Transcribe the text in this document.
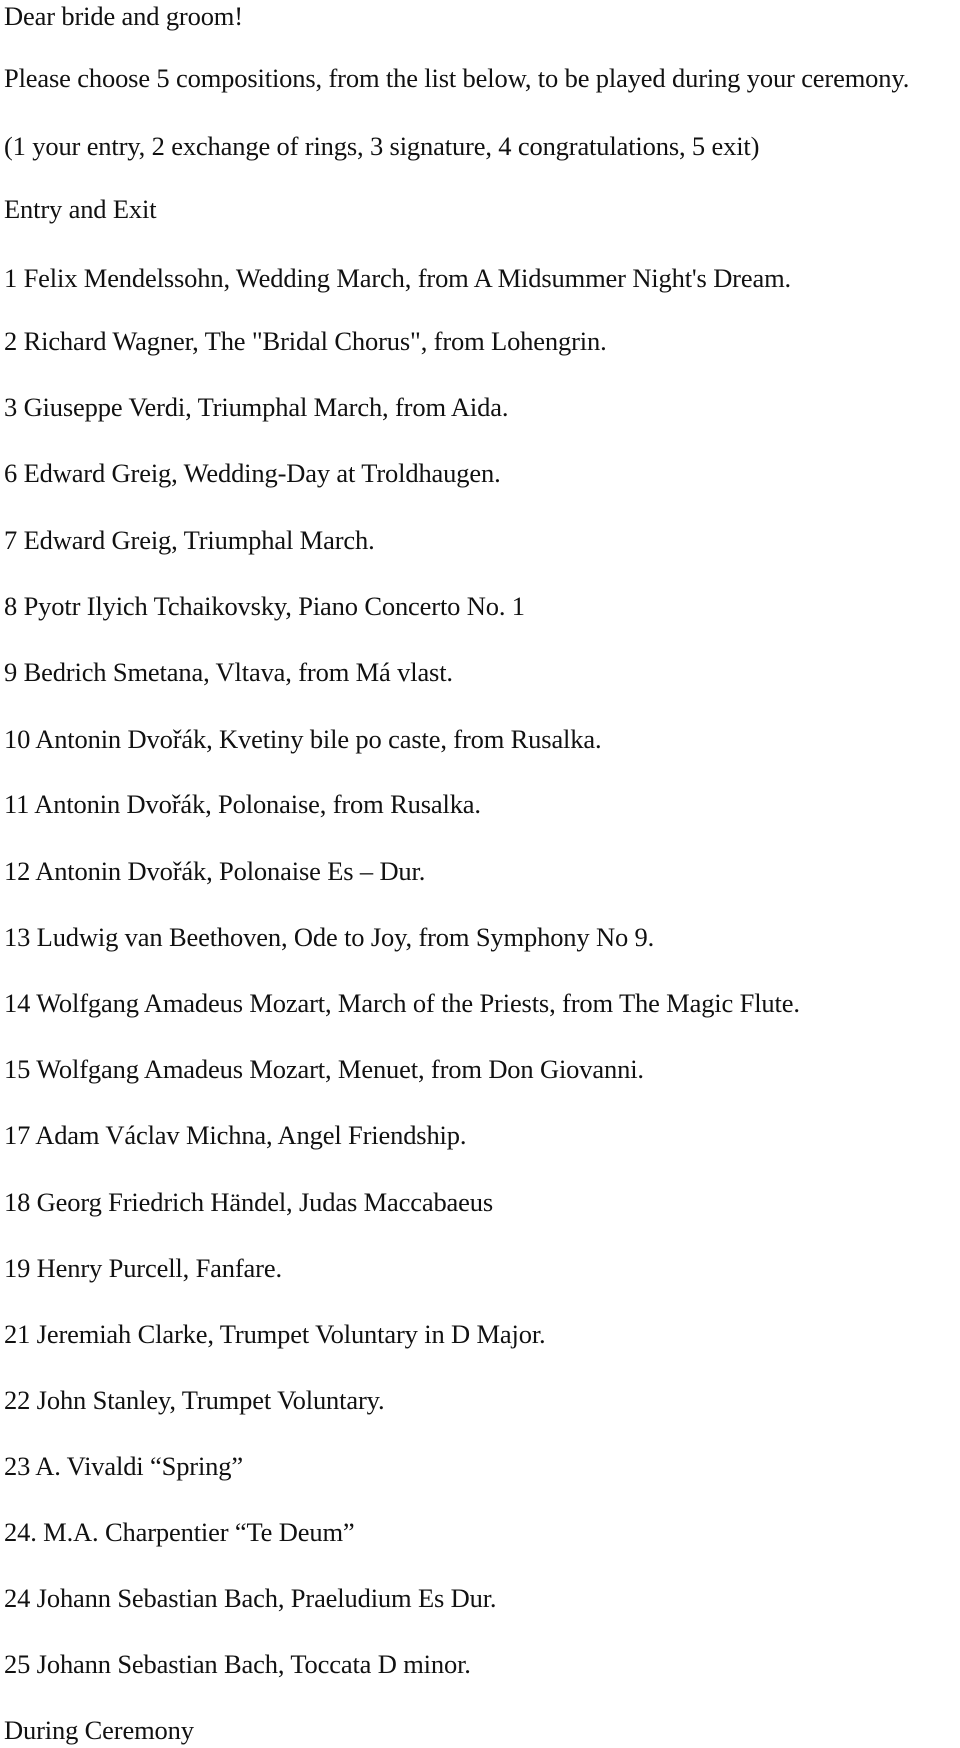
Dear bride and groom!
Please choose 5 compositions, from the list below, to be played during your ceremony.
(1 your entry, 2 exchange of rings, 3 signature, 4 congratulations, 5 exit)
Entry and Exit
1 Felix Mendelssohn, Wedding March, from A Midsummer Night's Dream.
2 Richard Wagner, The "Bridal Chorus", from Lohengrin.
3 Giuseppe Verdi, Triumphal March, from Aida.
6 Edward Greig, Wedding-Day at Troldhaugen.
7 Edward Greig, Triumphal March.
8 Pyotr Ilyich Tchaikovsky, Piano Concerto No. 1
9 Bedrich Smetana, Vltava, from Má vlast.
10 Antonin Dvořák, Kvetiny bile po caste, from Rusalka.
11 Antonin Dvořák, Polonaise, from Rusalka.
12 Antonin Dvořák, Polonaise Es – Dur.
13 Ludwig van Beethoven, Ode to Joy, from Symphony No 9.
14 Wolfgang Amadeus Mozart, March of the Priests, from The Magic Flute.
15 Wolfgang Amadeus Mozart, Menuet, from Don Giovanni.
17 Adam Václav Michna, Angel Friendship.
18 Georg Friedrich Händel, Judas Maccabaeus
19 Henry Purcell, Fanfare.
21 Jeremiah Clarke, Trumpet Voluntary in D Major.
22 John Stanley, Trumpet Voluntary.
23 A. Vivaldi “Spring”
24. M.A. Charpentier “Te Deum”
24 Johann Sebastian Bach, Praeludium Es Dur.
25 Johann Sebastian Bach, Toccata D minor.
During Ceremony
